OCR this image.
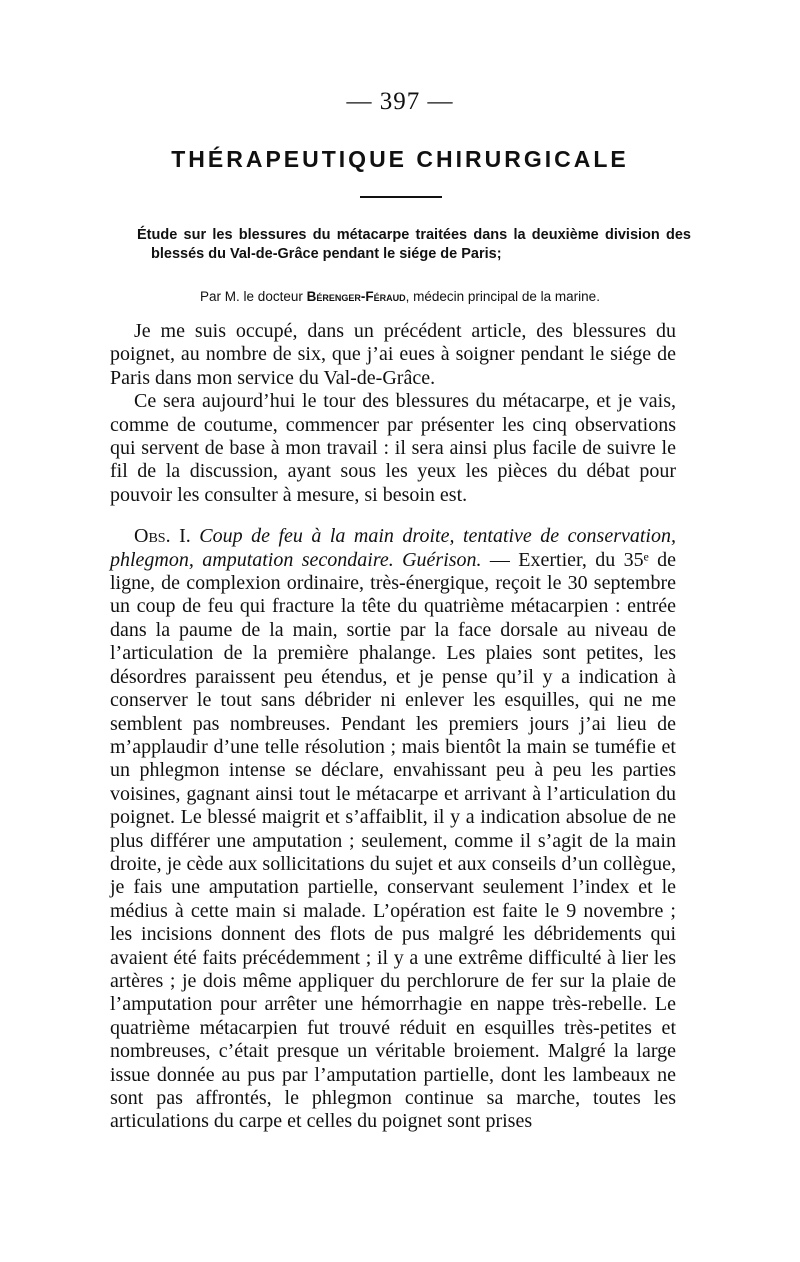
— 397 —
THÉRAPEUTIQUE CHIRURGICALE
Étude sur les blessures du métacarpe traitées dans la deuxième division des blessés du Val-de-Grâce pendant le siége de Paris;
Par M. le docteur Bérenger-Féraud, médecin principal de la marine.

Je me suis occupé, dans un précédent article, des blessures du poignet, au nombre de six, que j’ai eues à soigner pendant le siége de Paris dans mon service du Val-de-Grâce.

Ce sera aujourd’hui le tour des blessures du métacarpe, et je vais, comme de coutume, commencer par présenter les cinq observations qui servent de base à mon travail : il sera ainsi plus facile de suivre le fil de la discussion, ayant sous les yeux les pièces du débat pour pouvoir les consulter à mesure, si besoin est.

Obs. I. Coup de feu à la main droite, tentative de conservation, phlegmon, amputation secondaire. Guérison. — Exertier, du 35ᵉ de ligne, de complexion ordinaire, très-énergique, reçoit le 30 septembre un coup de feu qui fracture la tête du quatrième métacarpien : entrée dans la paume de la main, sortie par la face dorsale au niveau de l’articulation de la première phalange. Les plaies sont petites, les désordres paraissent peu étendus, et je pense qu’il y a indication à conserver le tout sans débrider ni enlever les esquilles, qui ne me semblent pas nombreuses. Pendant les premiers jours j’ai lieu de m’applaudir d’une telle résolution ; mais bientôt la main se tuméfie et un phlegmon intense se déclare, envahissant peu à peu les parties voisines, gagnant ainsi tout le métacarpe et arrivant à l’articulation du poignet. Le blessé maigrit et s’affaiblit, il y a indication absolue de ne plus différer une amputation ; seulement, comme il s’agit de la main droite, je cède aux sollicitations du sujet et aux conseils d’un collègue, je fais une amputation partielle, conservant seulement l’index et le médius à cette main si malade. L’opération est faite le 9 novembre ; les incisions donnent des flots de pus malgré les débridements qui avaient été faits précédemment ; il y a une extrême difficulté à lier les artères ; je dois même appliquer du perchlorure de fer sur la plaie de l’amputation pour arrêter une hémorrhagie en nappe très-rebelle. Le quatrième métacarpien fut trouvé réduit en esquilles très-petites et nombreuses, c’était presque un véritable broiement. Malgré la large issue donnée au pus par l’amputation partielle, dont les lambeaux ne sont pas affrontés, le phlegmon continue sa marche, toutes les articulations du carpe et celles du poignet sont prises
